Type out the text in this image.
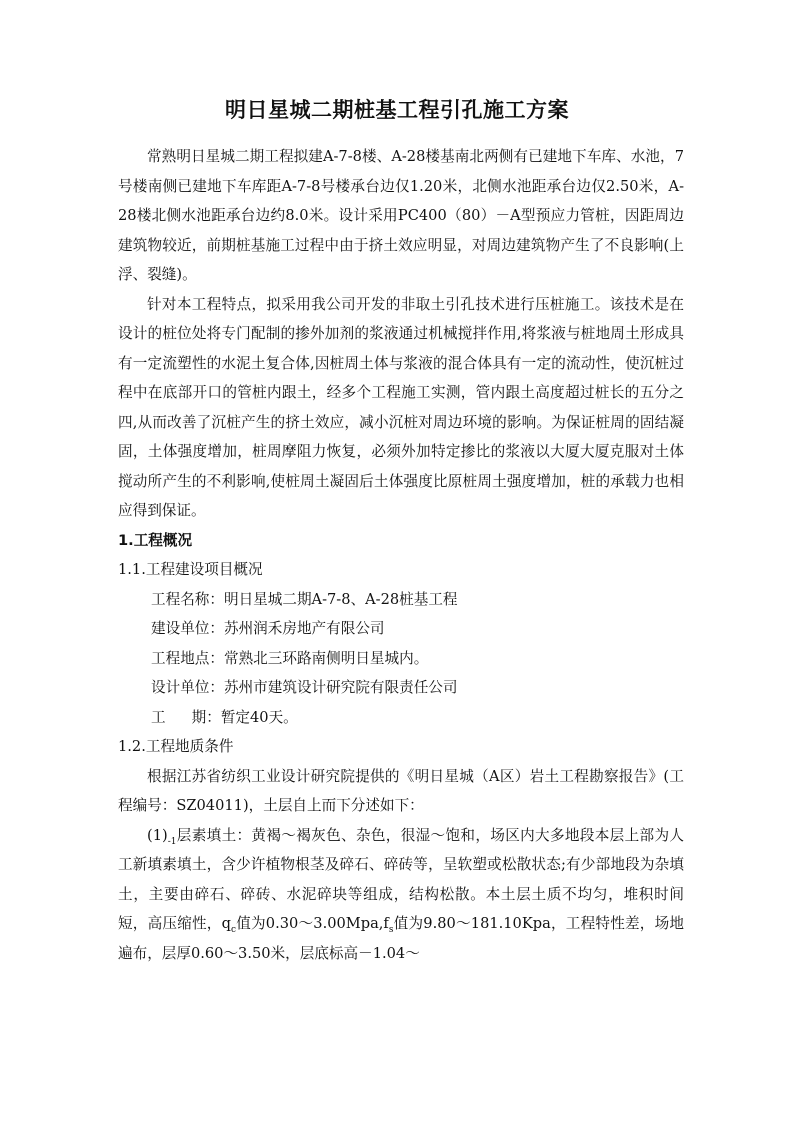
明日星城二期桩基工程引孔施工方案

常熟明日星城二期工程拟建A-7-8楼、A-28楼基南北两侧有已建地下车库、水池，7号楼南侧已建地下车库距A-7-8号楼承台边仅1.20米，北侧水池距承台边仅2.50米，A-28楼北侧水池距承台边约8.0米。设计采用PC400（80）－A型预应力管桩，因距周边建筑物较近，前期桩基施工过程中由于挤土效应明显，对周边建筑物产生了不良影响(上浮、裂缝)。

针对本工程特点，拟采用我公司开发的非取土引孔技术进行压桩施工。该技术是在设计的桩位处将专门配制的掺外加剂的浆液通过机械搅拌作用,将浆液与桩地周土形成具有一定流塑性的水泥土复合体,因桩周土体与浆液的混合体具有一定的流动性，使沉桩过程中在底部开口的管桩内跟土，经多个工程施工实测，管内跟土高度超过桩长的五分之四,从而改善了沉桩产生的挤土效应，减小沉桩对周边环境的影响。为保证桩周的固结凝固，土体强度增加，桩周摩阻力恢复，必须外加特定掺比的浆液以大厦大厦克服对土体搅动所产生的不利影响,使桩周土凝固后土体强度比原桩周土强度增加，桩的承载力也相应得到保证。

1.工程概况

1.1.工程建设项目概况

工程名称：明日星城二期A-7-8、A-28桩基工程

建设单位：苏州润禾房地产有限公司

工程地点：常熟北三环路南侧明日星城内。

设计单位：苏州市建筑设计研究院有限责任公司

工 期：暂定40天。

1.2.工程地质条件

根据江苏省纺织工业设计研究院提供的《明日星城（A区）岩土工程勘察报告》(工程编号：SZ04011)，土层自上而下分述如下：

$(1)_{-1}$层素填土：黄褐～褐灰色、杂色，很湿～饱和，场区内大多地段本层上部为人工新填素填土，含少许植物根茎及碎石、碎砖等，呈软塑或松散状态;有少部地段为杂填土，主要由碎石、碎砖、水泥碎块等组成，结构松散。本土层土质不均匀，堆积时间短，高压缩性，$q_c$值为$0.30\sim 3.00Mpa,f_s$值为9.80～181.10Kpa，工程特性差，场地遍布，层厚0.60～3.50米，层底标高－1.04～
